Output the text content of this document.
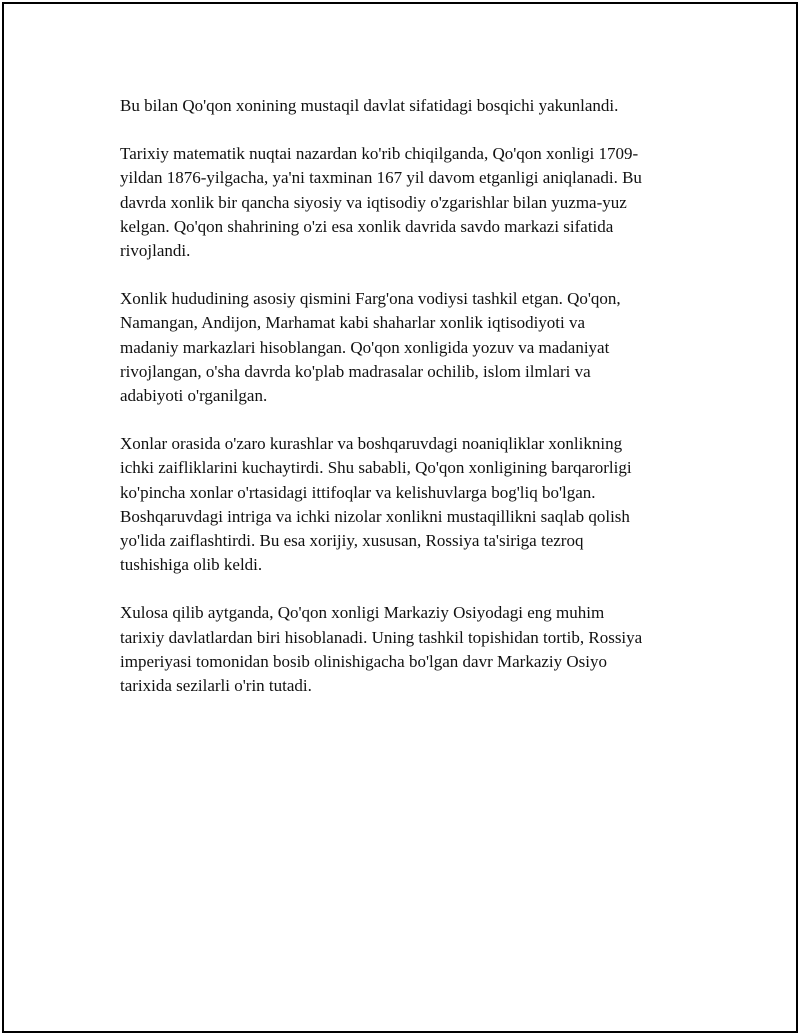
Bu bilan Qo'qon xonining mustaqil davlat sifatidagi bosqichi yakunlandi.

Tarixiy matematik nuqtai nazardan ko'rib chiqilganda, Qo'qon xonligi 1709-
yildan 1876-yilgacha, ya'ni taxminan 167 yil davom etganligi aniqlanadi. Bu
davrda xonlik bir qancha siyosiy va iqtisodiy o'zgarishlar bilan yuzma-yuz
kelgan. Qo'qon shahrining o'zi esa xonlik davrida savdo markazi sifatida
rivojlandi.

Xonlik hududining asosiy qismini Farg'ona vodiysi tashkil etgan. Qo'qon,
Namangan, Andijon, Marhamat kabi shaharlar xonlik iqtisodiyoti va
madaniy markazlari hisoblangan. Qo'qon xonligida yozuv va madaniyat
rivojlangan, o'sha davrda ko'plab madrasalar ochilib, islom ilmlari va
adabiyoti o'rganilgan.

Xonlar orasida o'zaro kurashlar va boshqaruvdagi noaniqliklar xonlikning
ichki zaifliklarini kuchaytirdi. Shu sababli, Qo'qon xonligining barqarorligi
ko'pincha xonlar o'rtasidagi ittifoqlar va kelishuvlarga bog'liq bo'lgan.
Boshqaruvdagi intriga va ichki nizolar xonlikni mustaqillikni saqlab qolish
yo'lida zaiflashtirdi. Bu esa xorijiy, xususan, Rossiya ta'siriga tezroq
tushishiga olib keldi.

Xulosa qilib aytganda, Qo'qon xonligi Markaziy Osiyodagi eng muhim
tarixiy davlatlardan biri hisoblanadi. Uning tashkil topishidan tortib, Rossiya
imperiyasi tomonidan bosib olinishigacha bo'lgan davr Markaziy Osiyo
tarixida sezilarli o'rin tutadi.
